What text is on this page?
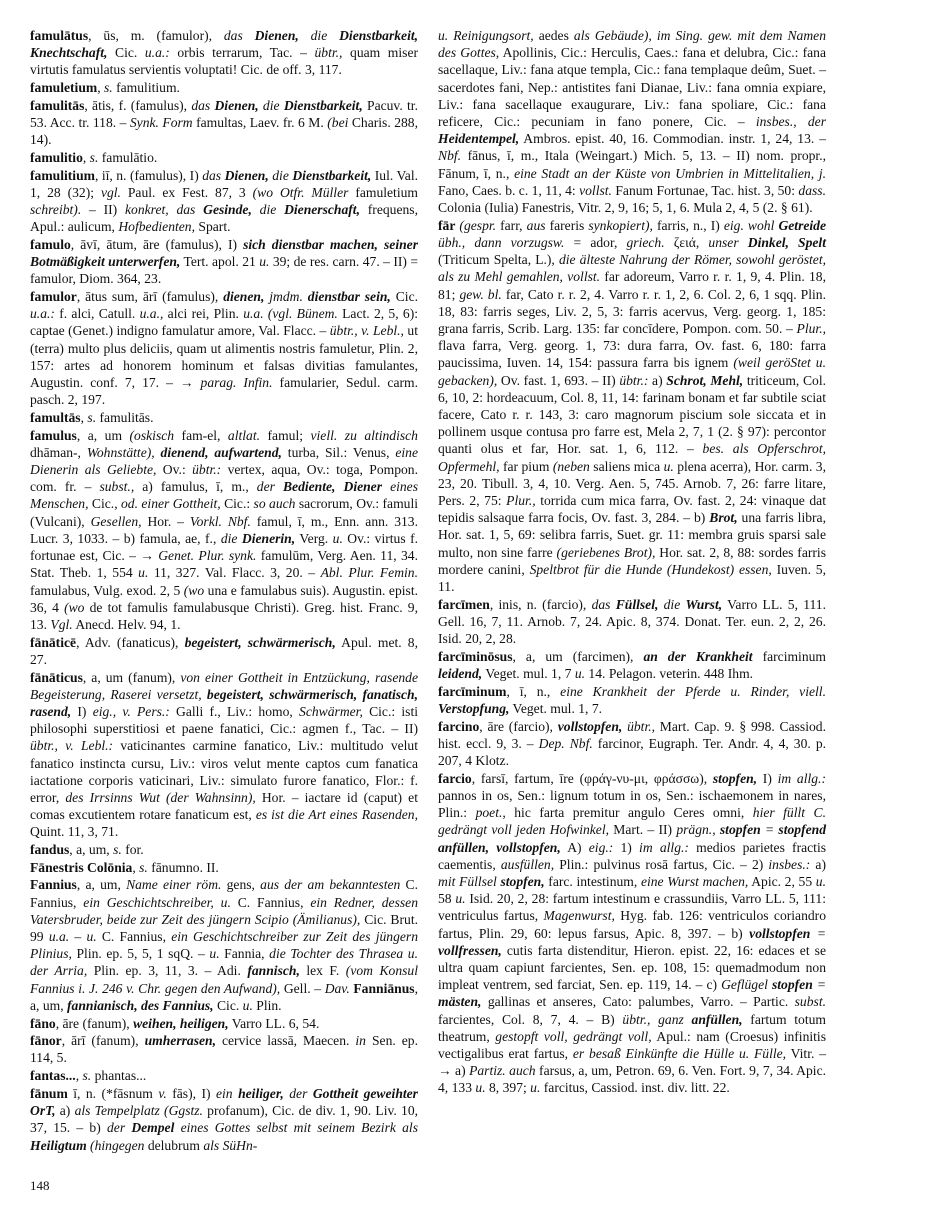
famulātus, ūs, m. (famulor), das Dienen, die Dienstbarkeit, Knechtschaft, Cic. u.a.: orbis terrarum, Tac. – übtr., quam miser virtutis famulatus servientis voluptati! Cic. de off. 3, 117.
famuletium, s. famulitium.
famulitās, ātis, f. (famulus), das Dienen, die Dienstbarkeit, Pacuv. tr. 53. Acc. tr. 118. – Synk. Form famultas, Laev. fr. 6 M. (bei Charis. 288, 14).
famulitio, s. famulātio.
famulitium, iī, n. (famulus), I) das Dienen, die Dienstbarkeit, Iul. Val. 1, 28 (32); vgl. Paul. ex Fest. 87, 3 (wo Otfr. Müller famuletium schreibt). – II) konkret, das Gesinde, die Dienerschaft, frequens, Apul.: aulicum, Hofbedienten, Spart.
famulo, āvī, ātum, āre (famulus), I) sich dienstbar machen, seiner Botmäßigkeit unterwerfen, Tert. apol. 21 u. 39; de res. carn. 47. – II) = famulor, Diom. 364, 23.
famulor, ātus sum, ārī (famulus), dienen, jmdm. dienstbar sein, Cic. u.a.: f. alci, Catull. u.a., alci rei, Plin. u.a. (vgl. Bünem. Lact. 2, 5, 6): captae (Genet.) indigno famulatur amore, Val. Flacc. – übtr., v. Lebl., ut (terra) multo plus deliciis, quam ut alimentis nostris famuletur, Plin. 2, 157: artes ad honorem hominum et falsas divitias famulantes, Augustin. conf. 7, 17. – → parag. Infin. famularier, Sedul. carm. pasch. 2, 197.
famultās, s. famulitās.
famulus, a, um (oskisch fam-el, altlat. famul; viell. zu altindisch dhāman-, Wohnstätte), dienend, aufwartend, turba, Sil.: Venus, eine Dienerin als Geliebte, Ov.: übtr.: vertex, aqua, Ov.: toga, Pompon. com. fr. – subst., a) famulus, ī, m., der Bediente, Diener eines Menschen, Cic., od. einer Gottheit, Cic.: so auch sacrorum, Ov.: famuli (Vulcani), Gesellen, Hor. – Vorkl. Nbf. famul, ī, m., Enn. ann. 313. Lucr. 3, 1033. – b) famula, ae, f., die Dienerin, Verg. u. Ov.: virtus f. fortunae est, Cic. – → Genet. Plur. synk. famulūm, Verg. Aen. 11, 34. Stat. Theb. 1, 554 u. 11, 327. Val. Flacc. 3, 20. – Abl. Plur. Femin. famulabus, Vulg. exod. 2, 5 (wo una e famulabus suis). Augustin. epist. 36, 4 (wo de tot famulis famulabusque Christi). Greg. hist. Franc. 9, 13. Vgl. Anecd. Helv. 94, 1.
fānāticē, Adv. (fanaticus), begeistert, schwärmerisch, Apul. met. 8, 27.
fānāticus, a, um (fanum), von einer Gottheit in Entzückung, rasende Begeisterung, Raserei versetzt, begeistert, schwärmerisch, fanatisch, rasend, I) eig., v. Pers.: Galli f., Liv.: homo, Schwärmer, Cic.: isti philosophi superstitiosi et paene fanatici, Cic.: agmen f., Tac. – II) übtr., v. Lebl.: vaticinantes carmine fanatico, Liv.: multitudo velut fanatico instincta cursu, Liv.: viros velut mente captos cum fanatica iactatione corporis vaticinari, Liv.: simulato furore fanatico, Flor.: f. error, des Irrsinns Wut (der Wahnsinn), Hor. – iactare id (caput) et comas excutientem rotare fanaticum est, es ist die Art eines Rasenden, Quint. 11, 3, 71.
fandus, a, um, s. for.
Fānestris Colōnia, s. fānumno. II.
Fannius, a, um, Name einer röm. gens, aus der am bekanntesten C. Fannius, ein Geschichtschreiber, u. C. Fannius, ein Redner, dessen Vatersbruder, beide zur Zeit des jüngern Scipio (Ämilianus), Cic. Brut. 99 u.a. – u. C. Fannius, ein Geschichtschreiber zur Zeit des jüngern Plinius, Plin. ep. 5, 5, 1 sqQ. – u. Fannia, die Tochter des Thrasea u. der Arria, Plin. ep. 3, 11, 3. – Adi. fannisch, lex F. (vom Konsul Fannius i. J. 246 v. Chr. gegen den Aufwand), Gell. – Dav. Fanniānus, a, um, fannianisch, des Fannius, Cic. u. Plin.
fāno, āre (fanum), weihen, heiligen, Varro LL. 6, 54.
fānor, ārī (fanum), umherrasen, cervice lassā, Maecen. in Sen. ep. 114, 5.
fantas..., s. phantas...
fānum ī, n. (*fāsnum v. fās), I) ein heiliger, der Gottheit geweihter OrT, a) als Tempelplatz (Ggstz. profanum), Cic. de div. 1, 90. Liv. 10, 37, 15. – b) der Dempel eines Gottes selbst mit seinem Bezirk als Heiligtum (hingegen delubrum als SüHn-
u. Reinigungsort, aedes als Gebäude), im Sing. gew. mit dem Namen des Gottes, Apollinis, Cic.: Herculis, Caes.: fana et delubra, Cic.: fana sacellaque, Liv.: fana atque templa, Cic.: fana templaque deûm, Suet. – sacerdotes fani, Nep.: antistites fani Dianae, Liv.: fana omnia expiare, Liv.: fana sacellaque exaugurare, Liv.: fana spoliare, Cic.: fana reficere, Cic.: pecuniam in fano ponere, Cic. – insbes., der Heidentempel, Ambros. epist. 40, 16. Commodian. instr. 1, 24, 13. – Nbf. fānus, ī, m., Itala (Weingart.) Mich. 5, 13. – II) nom. propr., Fānum, ī, n., eine Stadt an der Küste von Umbrien in Mittelitalien, j. Fano, Caes. b. c. 1, 11, 4: vollst. Fanum Fortunae, Tac. hist. 3, 50: dass. Colonia (Iulia) Fanestris, Vitr. 2, 9, 16; 5, 1, 6. Mula 2, 4, 5 (2. § 61).
fār (gespr. farr, aus fareris synkopiert), farris, n., I) eig. wohl Getreide übh., dann vorzugsw. = ador, griech. ζειά, unser Dinkel, Spelt (Triticum Spelta, L.), die älteste Nahrung der Römer, sowohl geröstet, als zu Mehl gemahlen, vollst. far adoreum, Varro r. r. 1, 9, 4. Plin. 18, 81; gew. bl. far, Cato r. r. 2, 4. Varro r. r. 1, 2, 6. Col. 2, 6, 1 sqq. Plin. 18, 83: farris seges, Liv. 2, 5, 3: farris acervus, Verg. georg. 1, 185: grana farris, Scrib. Larg. 135: far concīdere, Pompon. com. 50. – Plur., flava farra, Verg. georg. 1, 73: dura farra, Ov. fast. 6, 180: farra paucissima, Iuven. 14, 154: passura farra bis ignem (weil geröStet u. gebacken), Ov. fast. 1, 693. – II) übtr.: a) Schrot, Mehl, triticeum, Col. 6, 10, 2: hordeacuum, Col. 8, 11, 14: farinam bonam et far subtile sciat facere, Cato r. r. 143, 3: caro magnorum piscium sole siccata et in pollinem usque contusa pro farre est, Mela 2, 7, 1 (2. § 97): percontor quanti olus et far, Hor. sat. 1, 6, 112. – bes. als Opferschrot, Opfermehl, far pium (neben saliens mica u. plena acerra), Hor. carm. 3, 23, 20. Tibull. 3, 4, 10. Verg. Aen. 5, 745. Arnob. 7, 26: farre litare, Pers. 2, 75: Plur., torrida cum mica farra, Ov. fast. 2, 24: vinaque dat tepidis salsaque farra focis, Ov. fast. 3, 284. – b) Brot, una farris libra, Hor. sat. 1, 5, 69: selibra farris, Suet. gr. 11: membra gruis sparsi sale multo, non sine farre (geriebenes Brot), Hor. sat. 2, 8, 88: sordes farris mordere canini, Speltbrot für die Hunde (Hundekost) essen, Iuven. 5, 11.
farcīmen, inis, n. (farcio), das Füllsel, die Wurst, Varro LL. 5, 111. Gell. 16, 7, 11. Arnob. 7, 24. Apic. 8, 374. Donat. Ter. eun. 2, 2, 26. Isid. 20, 2, 28.
farcīminōsus, a, um (farcimen), an der Krankheit farciminum leidend, Veget. mul. 1, 7 u. 14. Pelagon. veterin. 448 Ihm.
farcīminum, ī, n., eine Krankheit der Pferde u. Rinder, viell. Verstopfung, Veget. mul. 1, 7.
farcino, āre (farcio), vollstopfen, übtr., Mart. Cap. 9. § 998. Cassiod. hist. eccl. 9, 3. – Dep. Nbf. farcinor, Eugraph. Ter. Andr. 4, 4, 30. p. 207, 4 Klotz.
farcio, farsī, fartum, īre (φράγ-νυ-μι, φράσσω), stopfen, I) im allg.: pannos in os, Sen.: lignum totum in os, Sen.: ischaemonem in nares, Plin.: poet., hic farta premitur angulo Ceres omni, hier füllt C. gedrängt voll jeden Hofwinkel, Mart. – II) prägn., stopfen = stopfend anfüllen, vollstopfen, A) eig.: 1) im allg.: medios parietes fractis caementis, ausfüllen, Plin.: pulvinus rosā fartus, Cic. – 2) insbes.: a) mit Füllsel stopfen, farc. intestinum, eine Wurst machen, Apic. 2, 55 u. 58 u. Isid. 20, 2, 28: fartum intestinum e crassundiis, Varro LL. 5, 111: ventriculus fartus, Magenwurst, Hyg. fab. 126: ventriculos coriandro fartus, Plin. 29, 60: lepus farsus, Apic. 8, 397. – b) vollstopfen = vollfressen, cutis farta distenditur, Hieron. epist. 22, 16: edaces et se ultra quam capiunt farcientes, Sen. ep. 108, 15: quemadmodum non impleat ventrem, sed farciat, Sen. ep. 119, 14. – c) Geflügel stopfen = mästen, gallinas et anseres, Cato: palumbes, Varro. – Partic. subst. farcientes, Col. 8, 7, 4. – B) übtr., ganz anfüllen, fartum totum theatrum, gestopft voll, gedrängt voll, Apul.: nam (Croesus) infinitis vectigalibus erat fartus, er besaß Einkünfte die Hülle u. Fülle, Vitr. – → a) Partiz. auch farsus, a, um, Petron. 69, 6. Ven. Fort. 9, 7, 34. Apic. 4, 133 u. 8, 397; u. farcitus, Cassiod. inst. div. litt. 22.
148
